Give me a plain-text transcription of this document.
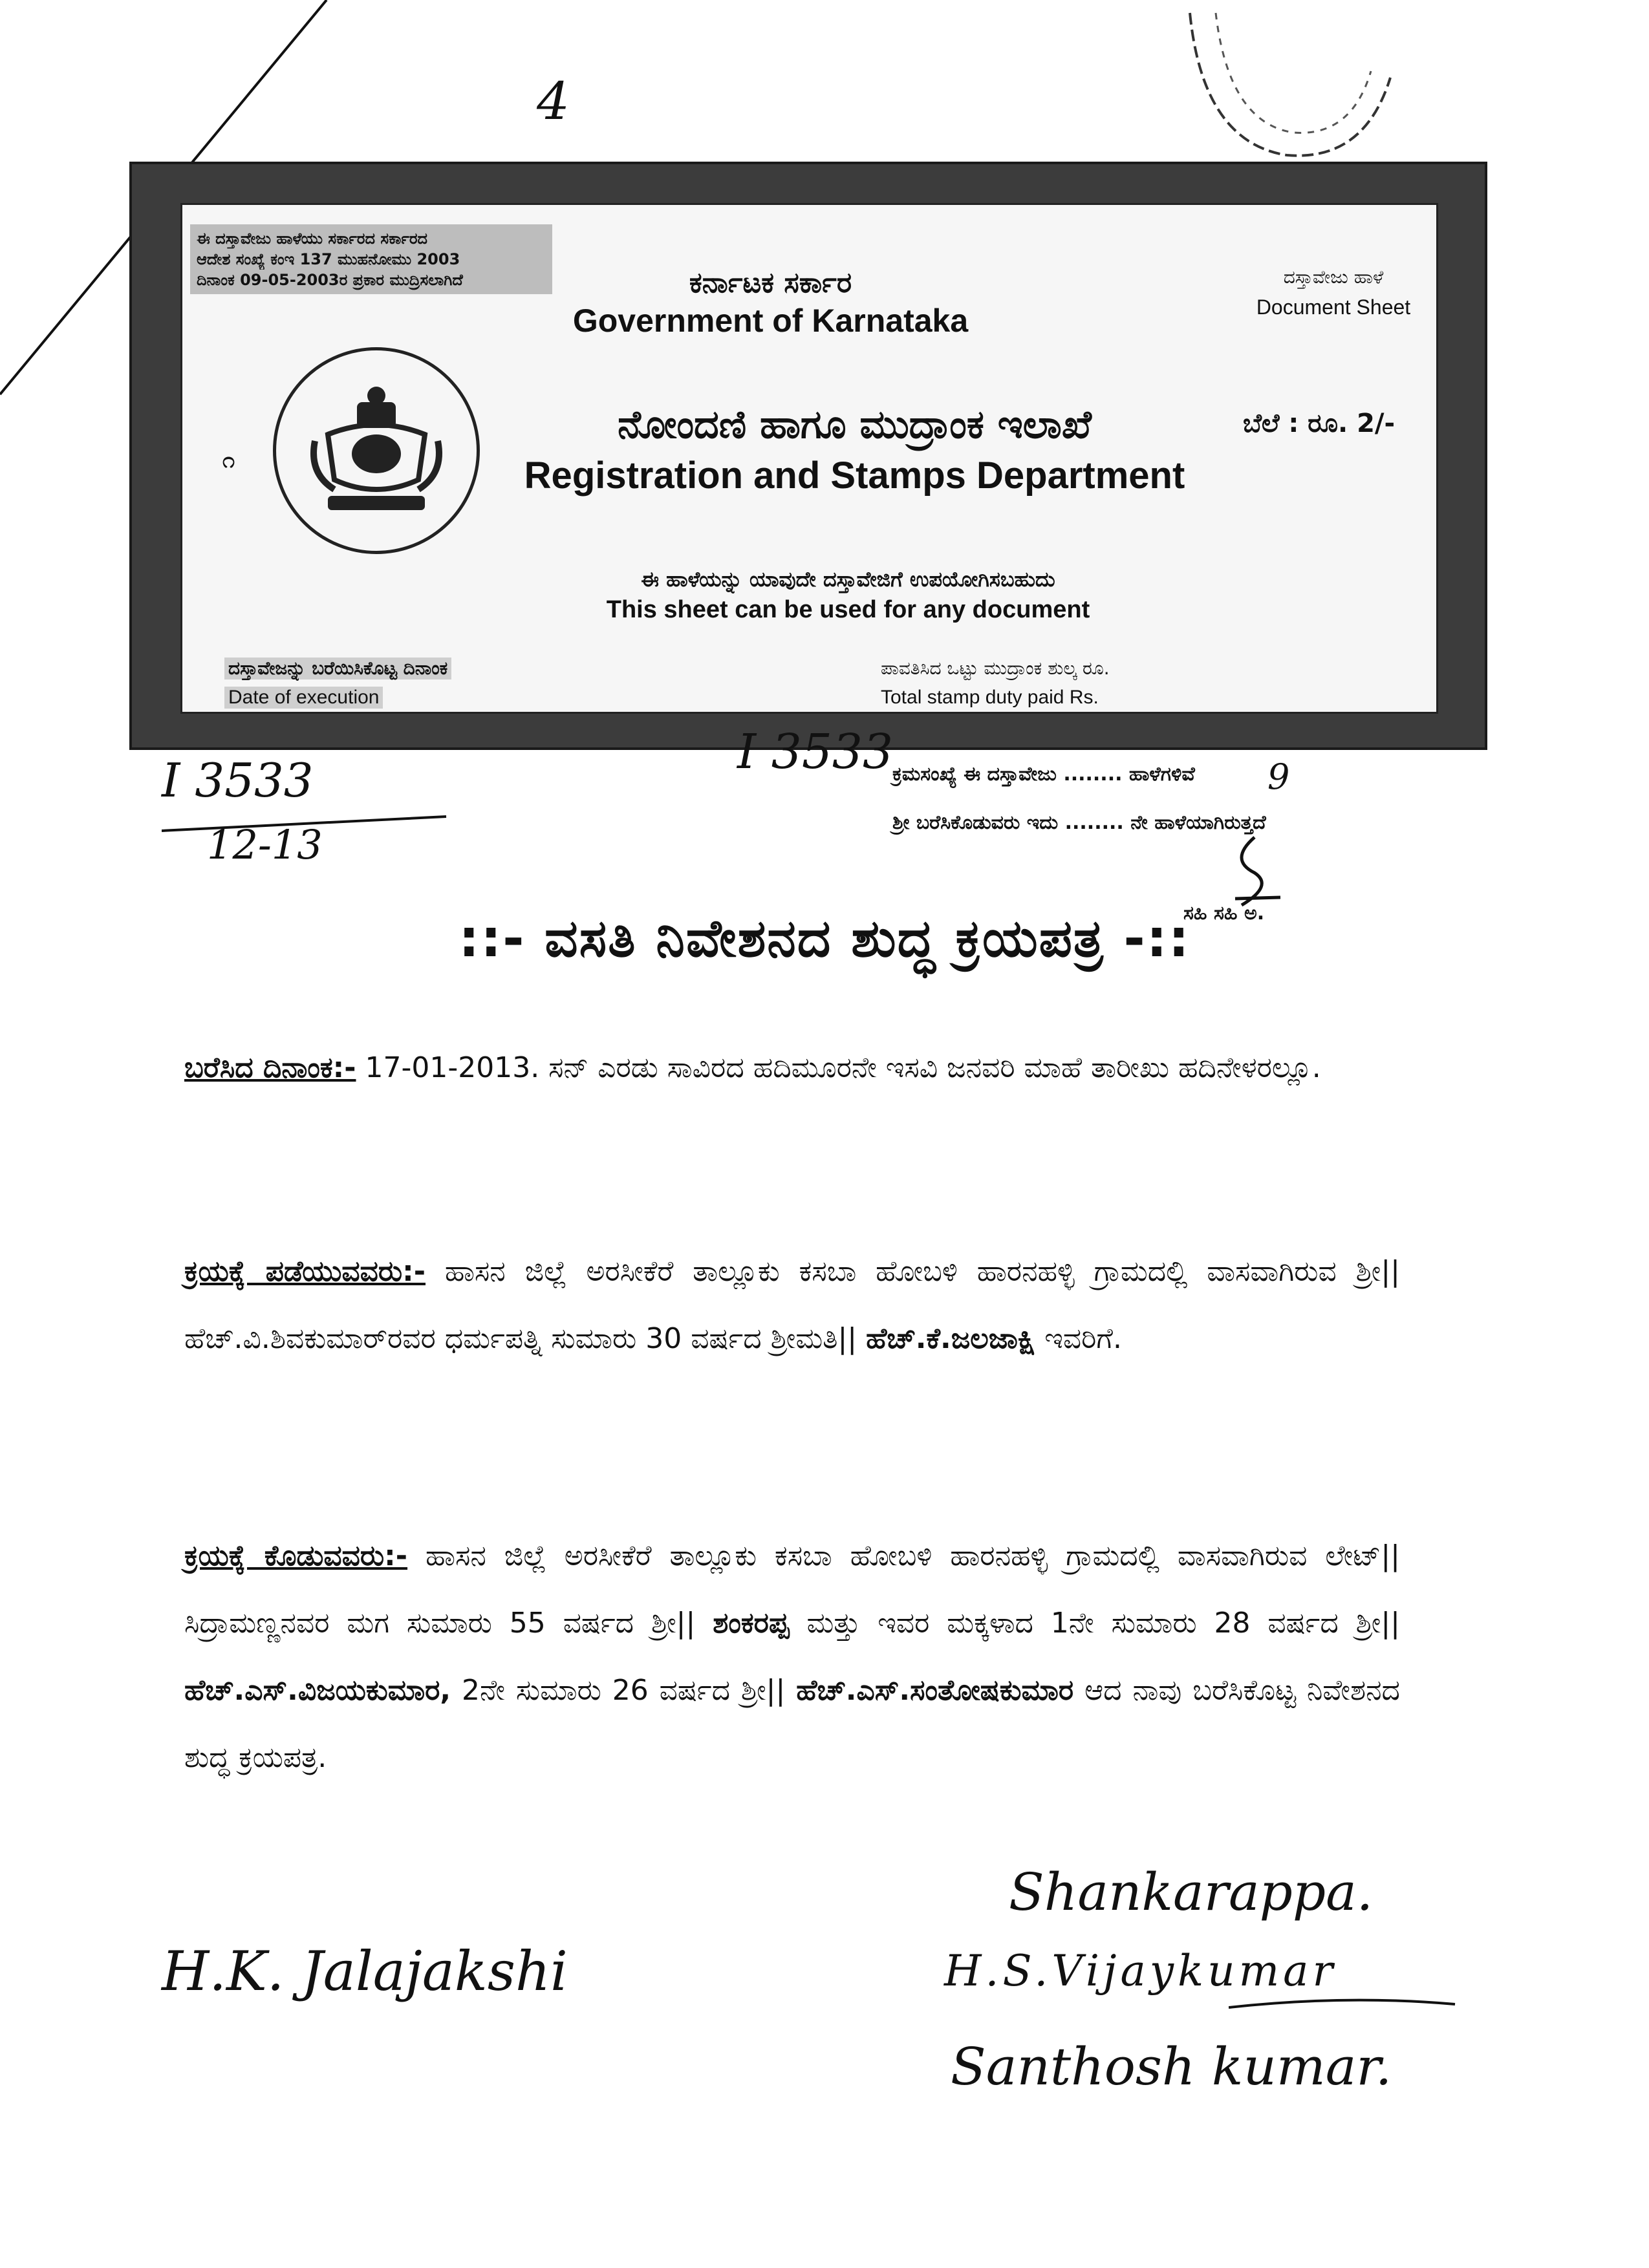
4
ಈ ದಸ್ತಾವೇಜು ಹಾಳೆಯು ಸರ್ಕಾರದ ಸರ್ಕಾರದ
ಆದೇಶ ಸಂಖ್ಯೆ ಕಂಇ 137 ಮುಹನೋಮು 2003
ದಿನಾಂಕ 09-05-2003ರ ಪ್ರಕಾರ ಮುದ್ರಿಸಲಾಗಿದೆ	ಕರ್ನಾಟಕ ಸರ್ಕಾರ
Government of Karnataka
ದಸ್ತಾವೇಜು ಹಾಳೆ
Document Sheet
೧
ನೋಂದಣಿ ಹಾಗೂ ಮುದ್ರಾಂಕ ಇಲಾಖೆ
Registration and Stamps Department
ಬೆಲೆ : ರೂ. 2/-
ಈ ಹಾಳೆಯನ್ನು ಯಾವುದೇ ದಸ್ತಾವೇಜಿಗೆ ಉಪಯೋಗಿಸಬಹುದು
This sheet can be used for any document
ದಸ್ತಾವೇಜನ್ನು ಬರೆಯಿಸಿಕೊಟ್ಟ ದಿನಾಂಕ
Date of execution
ಪಾವತಿಸಿದ ಒಟ್ಟು ಮುದ್ರಾಂಕ ಶುಲ್ಕ ರೂ.
Total stamp duty paid Rs.
I 3533
12-13
I 3533
ಕ್ರಮಸಂಖ್ಯೆ ಈ ದಸ್ತಾವೇಜು ........ ಹಾಳೆಗಳಿವೆ 9
ಶ್ರೀ ಬರೆಸಿಕೊಡುವರು ಇದು ........ ನೇ ಹಾಳೆಯಾಗಿರುತ್ತದೆ
ಸಹಿ ಸಹಿ ಅ.
::- ವಸತಿ ನಿವೇಶನದ ಶುದ್ಧ ಕ್ರಯಪತ್ರ -::
ಬರೆಸಿದ ದಿನಾಂಕ:- 17-01-2013. ಸನ್ ಎರಡು ಸಾವಿರದ ಹದಿಮೂರನೇ ಇಸವಿ ಜನವರಿ ಮಾಹೆ ತಾರೀಖು ಹದಿನೇಳರಲ್ಲೂ.
ಕ್ರಯಕ್ಕೆ ಪಡೆಯುವವರು:- ಹಾಸನ ಜಿಲ್ಲೆ ಅರಸೀಕೆರೆ ತಾಲ್ಲೂಕು ಕಸಬಾ ಹೋಬಳಿ ಹಾರನಹಳ್ಳಿ ಗ್ರಾಮದಲ್ಲಿ ವಾಸವಾಗಿರುವ ಶ್ರೀ|| ಹೆಚ್.ವಿ.ಶಿವಕುಮಾರ್‌ರವರ ಧರ್ಮಪತ್ನಿ ಸುಮಾರು 30 ವರ್ಷದ ಶ್ರೀಮತಿ|| ಹೆಚ್.ಕೆ.ಜಲಜಾಕ್ಷಿ ಇವರಿಗೆ.
ಕ್ರಯಕ್ಕೆ ಕೊಡುವವರು:- ಹಾಸನ ಜಿಲ್ಲೆ ಅರಸೀಕೆರೆ ತಾಲ್ಲೂಕು ಕಸಬಾ ಹೋಬಳಿ ಹಾರನಹಳ್ಳಿ ಗ್ರಾಮದಲ್ಲಿ ವಾಸವಾಗಿರುವ ಲೇಟ್|| ಸಿದ್ರಾಮಣ್ಣನವರ ಮಗ ಸುಮಾರು 55 ವರ್ಷದ ಶ್ರೀ|| ಶಂಕರಪ್ಪ ಮತ್ತು ಇವರ ಮಕ್ಕಳಾದ 1ನೇ ಸುಮಾರು 28 ವರ್ಷದ ಶ್ರೀ|| ಹೆಚ್.ಎಸ್.ವಿಜಯಕುಮಾರ, 2ನೇ ಸುಮಾರು 26 ವರ್ಷದ ಶ್ರೀ|| ಹೆಚ್.ಎಸ್.ಸಂತೋಷಕುಮಾರ ಆದ ನಾವು ಬರೆಸಿಕೊಟ್ಟ ನಿವೇಶನದ ಶುದ್ಧ ಕ್ರಯಪತ್ರ.
H.K. Jalajakshi
Shankarappa.
H.S.Vijaykumar
Santhosh kumar.
